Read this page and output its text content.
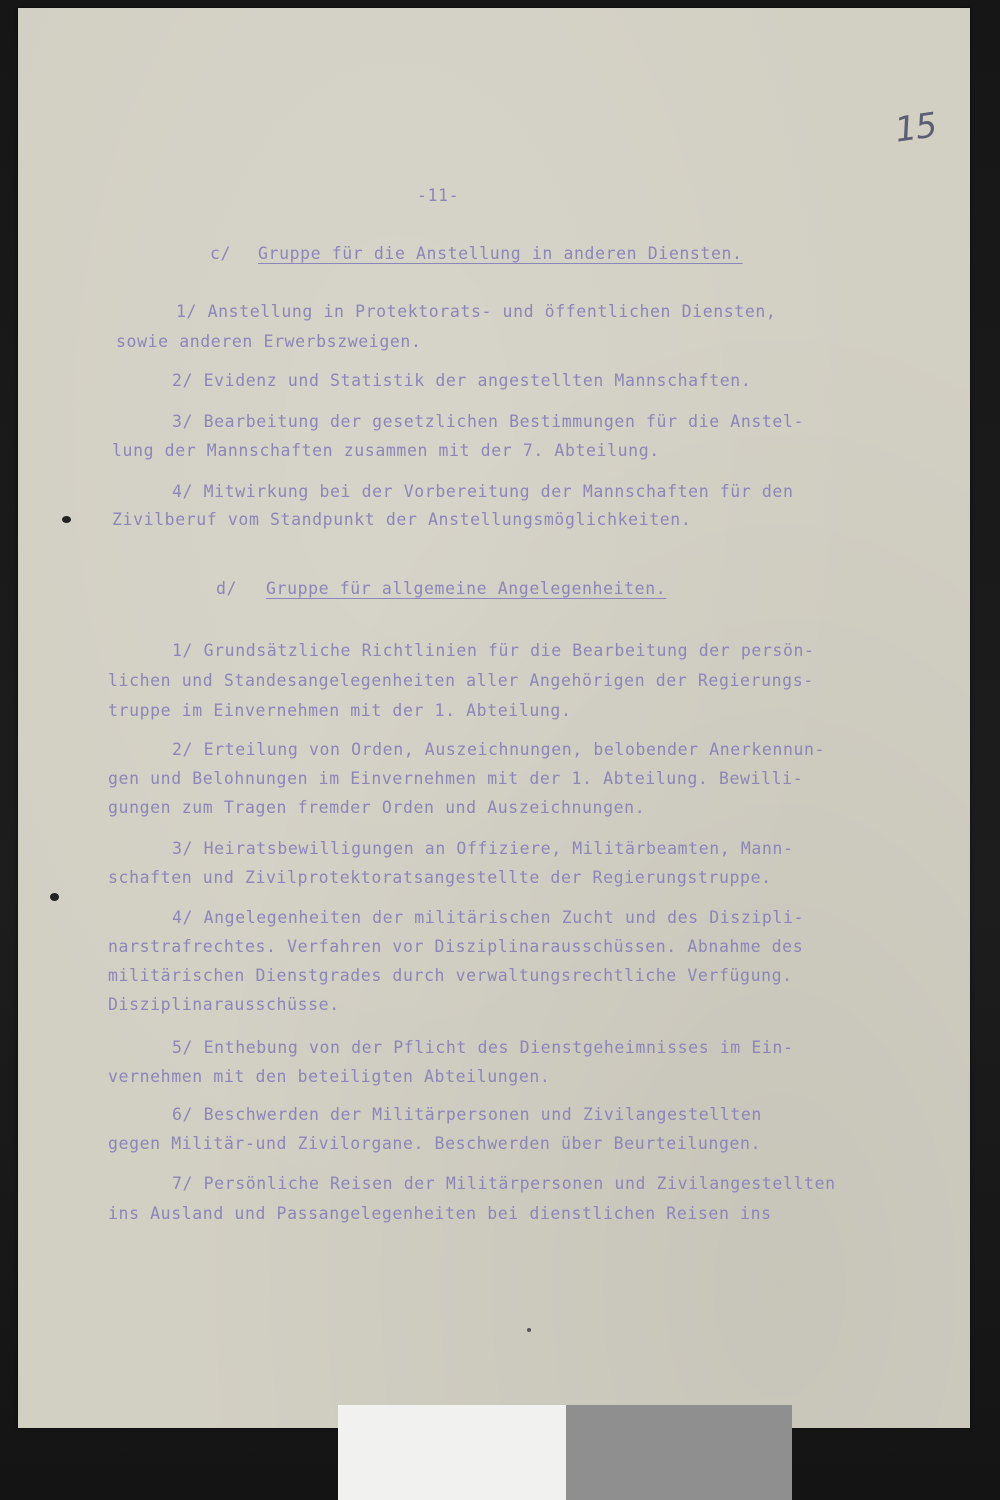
15
-11-
c/ Gruppe für die Anstellung in anderen Diensten.
1/ Anstellung in Protektorats- und öffentlichen Diensten,
sowie anderen Erwerbszweigen.
2/ Evidenz und Statistik der angestellten Mannschaften.
3/ Bearbeitung der gesetzlichen Bestimmungen für die Anstel-
lung der Mannschaften zusammen mit der 7. Abteilung.
4/ Mitwirkung bei der Vorbereitung der Mannschaften für den
Zivilberuf vom Standpunkt der Anstellungsmöglichkeiten.
d/ Gruppe für allgemeine Angelegenheiten.
1/ Grundsätzliche Richtlinien für die Bearbeitung der persön-
lichen und Standesangelegenheiten aller Angehörigen der Regierungs-
truppe im Einvernehmen mit der 1. Abteilung.
2/ Erteilung von Orden, Auszeichnungen, belobender Anerkennun-
gen und Belohnungen im Einvernehmen mit der 1. Abteilung. Bewilli-
gungen zum Tragen fremder Orden und Auszeichnungen.
3/ Heiratsbewilligungen an Offiziere, Militärbeamten, Mann-
schaften und Zivilprotektoratsangestellte der Regierungstruppe.
4/ Angelegenheiten der militärischen Zucht und des Diszipli-
narstrafrechtes. Verfahren vor Disziplinarausschüssen. Abnahme des
militärischen Dienstgrades durch verwaltungsrechtliche Verfügung.
Disziplinarausschüsse.
5/ Enthebung von der Pflicht des Dienstgeheimnisses im Ein-
vernehmen mit den beteiligten Abteilungen.
6/ Beschwerden der Militärpersonen und Zivilangestellten
gegen Militär-und Zivilorgane. Beschwerden über Beurteilungen.
7/ Persönliche Reisen der Militärpersonen und Zivilangestellten
ins Ausland und Passangelegenheiten bei dienstlichen Reisen ins
